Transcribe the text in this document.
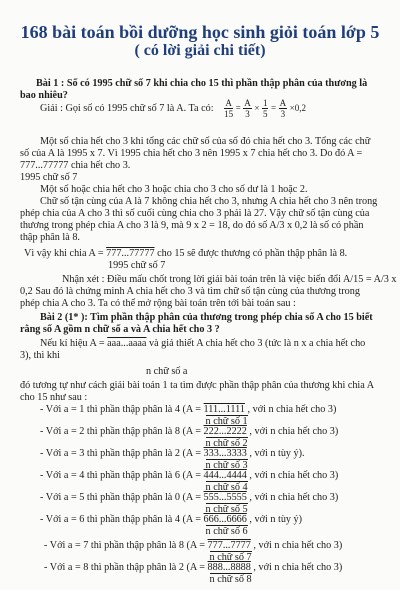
168 bài toán bồi dưỡng học sinh giỏi toán lớp 5
( có lời giải chi tiết)
Bài 1 : Số có 1995 chữ số 7 khi chia cho 15 thì phần thập phân của thương là
bao nhiêu?
Giải : Gọi số có 1995 chữ số 7 là A. Ta có: $\frac{A}{15} = \frac{A}{3} \times \frac{1}{5} = \frac{A}{3} \times 0,2$
Một số chia hết cho 3 khi tổng các chữ số của số đó chia hết cho 3. Tổng các chữ
số của A là 1995 x 7. Vì 1995 chia hết cho 3 nên 1995 x 7 chia hết cho 3. Do đó A =
777...77777 chia hết cho 3.
1995 chữ số 7
Một số hoặc chia hết cho 3 hoặc chia cho 3 cho số dư là 1 hoặc 2.
Chữ số tận cùng của A là 7 không chia hết cho 3, nhưng A chia hết cho 3 nên trong
phép chia của A cho 3 thì số cuối cùng chia cho 3 phải là 27. Vậy chữ số tận cùng của
thương trong phép chia A cho 3 là 9, mà 9 x 2 = 18, do đó số A/3 x 0,2 là số có phần
thập phân là 8.
Vì vậy khi chia A = 777...77777 cho 15 sẽ được thương có phần thập phân là 8.
1995 chữ số 7
Nhận xét : Điều mấu chốt trong lời giải bài toán trên là việc biến đổi A/15 = A/3 x
0,2 Sau đó là chứng minh A chia hết cho 3 và tìm chữ số tận cùng của thương trong
phép chia A cho 3. Ta có thể mở rộng bài toán trên tới bài toán sau :
Bài 2 (1* ): Tìm phần thập phân của thương trong phép chia số A cho 15 biết
rằng số A gồm n chữ số a và A chia hết cho 3 ?
Nếu kí hiệu A = aaa...aaaa và giả thiết A chia hết cho 3 (tức là n x a chia hết cho
3), thì khi
n chữ số a
đó tương tự như cách giải bài toán 1 ta tìm được phần thập phân của thương khi chia A
cho 15 như sau :
- Với a = 1 thì phần thập phân là 4 (A = 111...1111
n chữ số 1
, với n chia hết cho 3)
- Với a = 2 thì phần thập phân là 8 (A = 222...2222
n chữ số 2
, với n chia hết cho 3)
- Với a = 3 thì phần thập phân là 2 (A = 333...3333
n chữ số 3
, với n tùy ý).
- Với a = 4 thì phần thập phân là 6 (A = 444...4444
n chữ số 4
, với n chia hết cho 3)
- Với a = 5 thì phần thập phân là 0 (A = 555...5555
n chữ số 5
, với n chia hết cho 3)
- Với a = 6 thì phần thập phân là 4 (A = 666...6666
n chữ số 6
, với n tùy ý)
- Với a = 7 thì phần thập phân là 8 (A = 777...7777
n chữ số 7
, với n chia hết cho 3)
- Với a = 8 thì phần thập phân là 2 (A = 888...8888
n chữ số 8
, với n chia hết cho 3)
